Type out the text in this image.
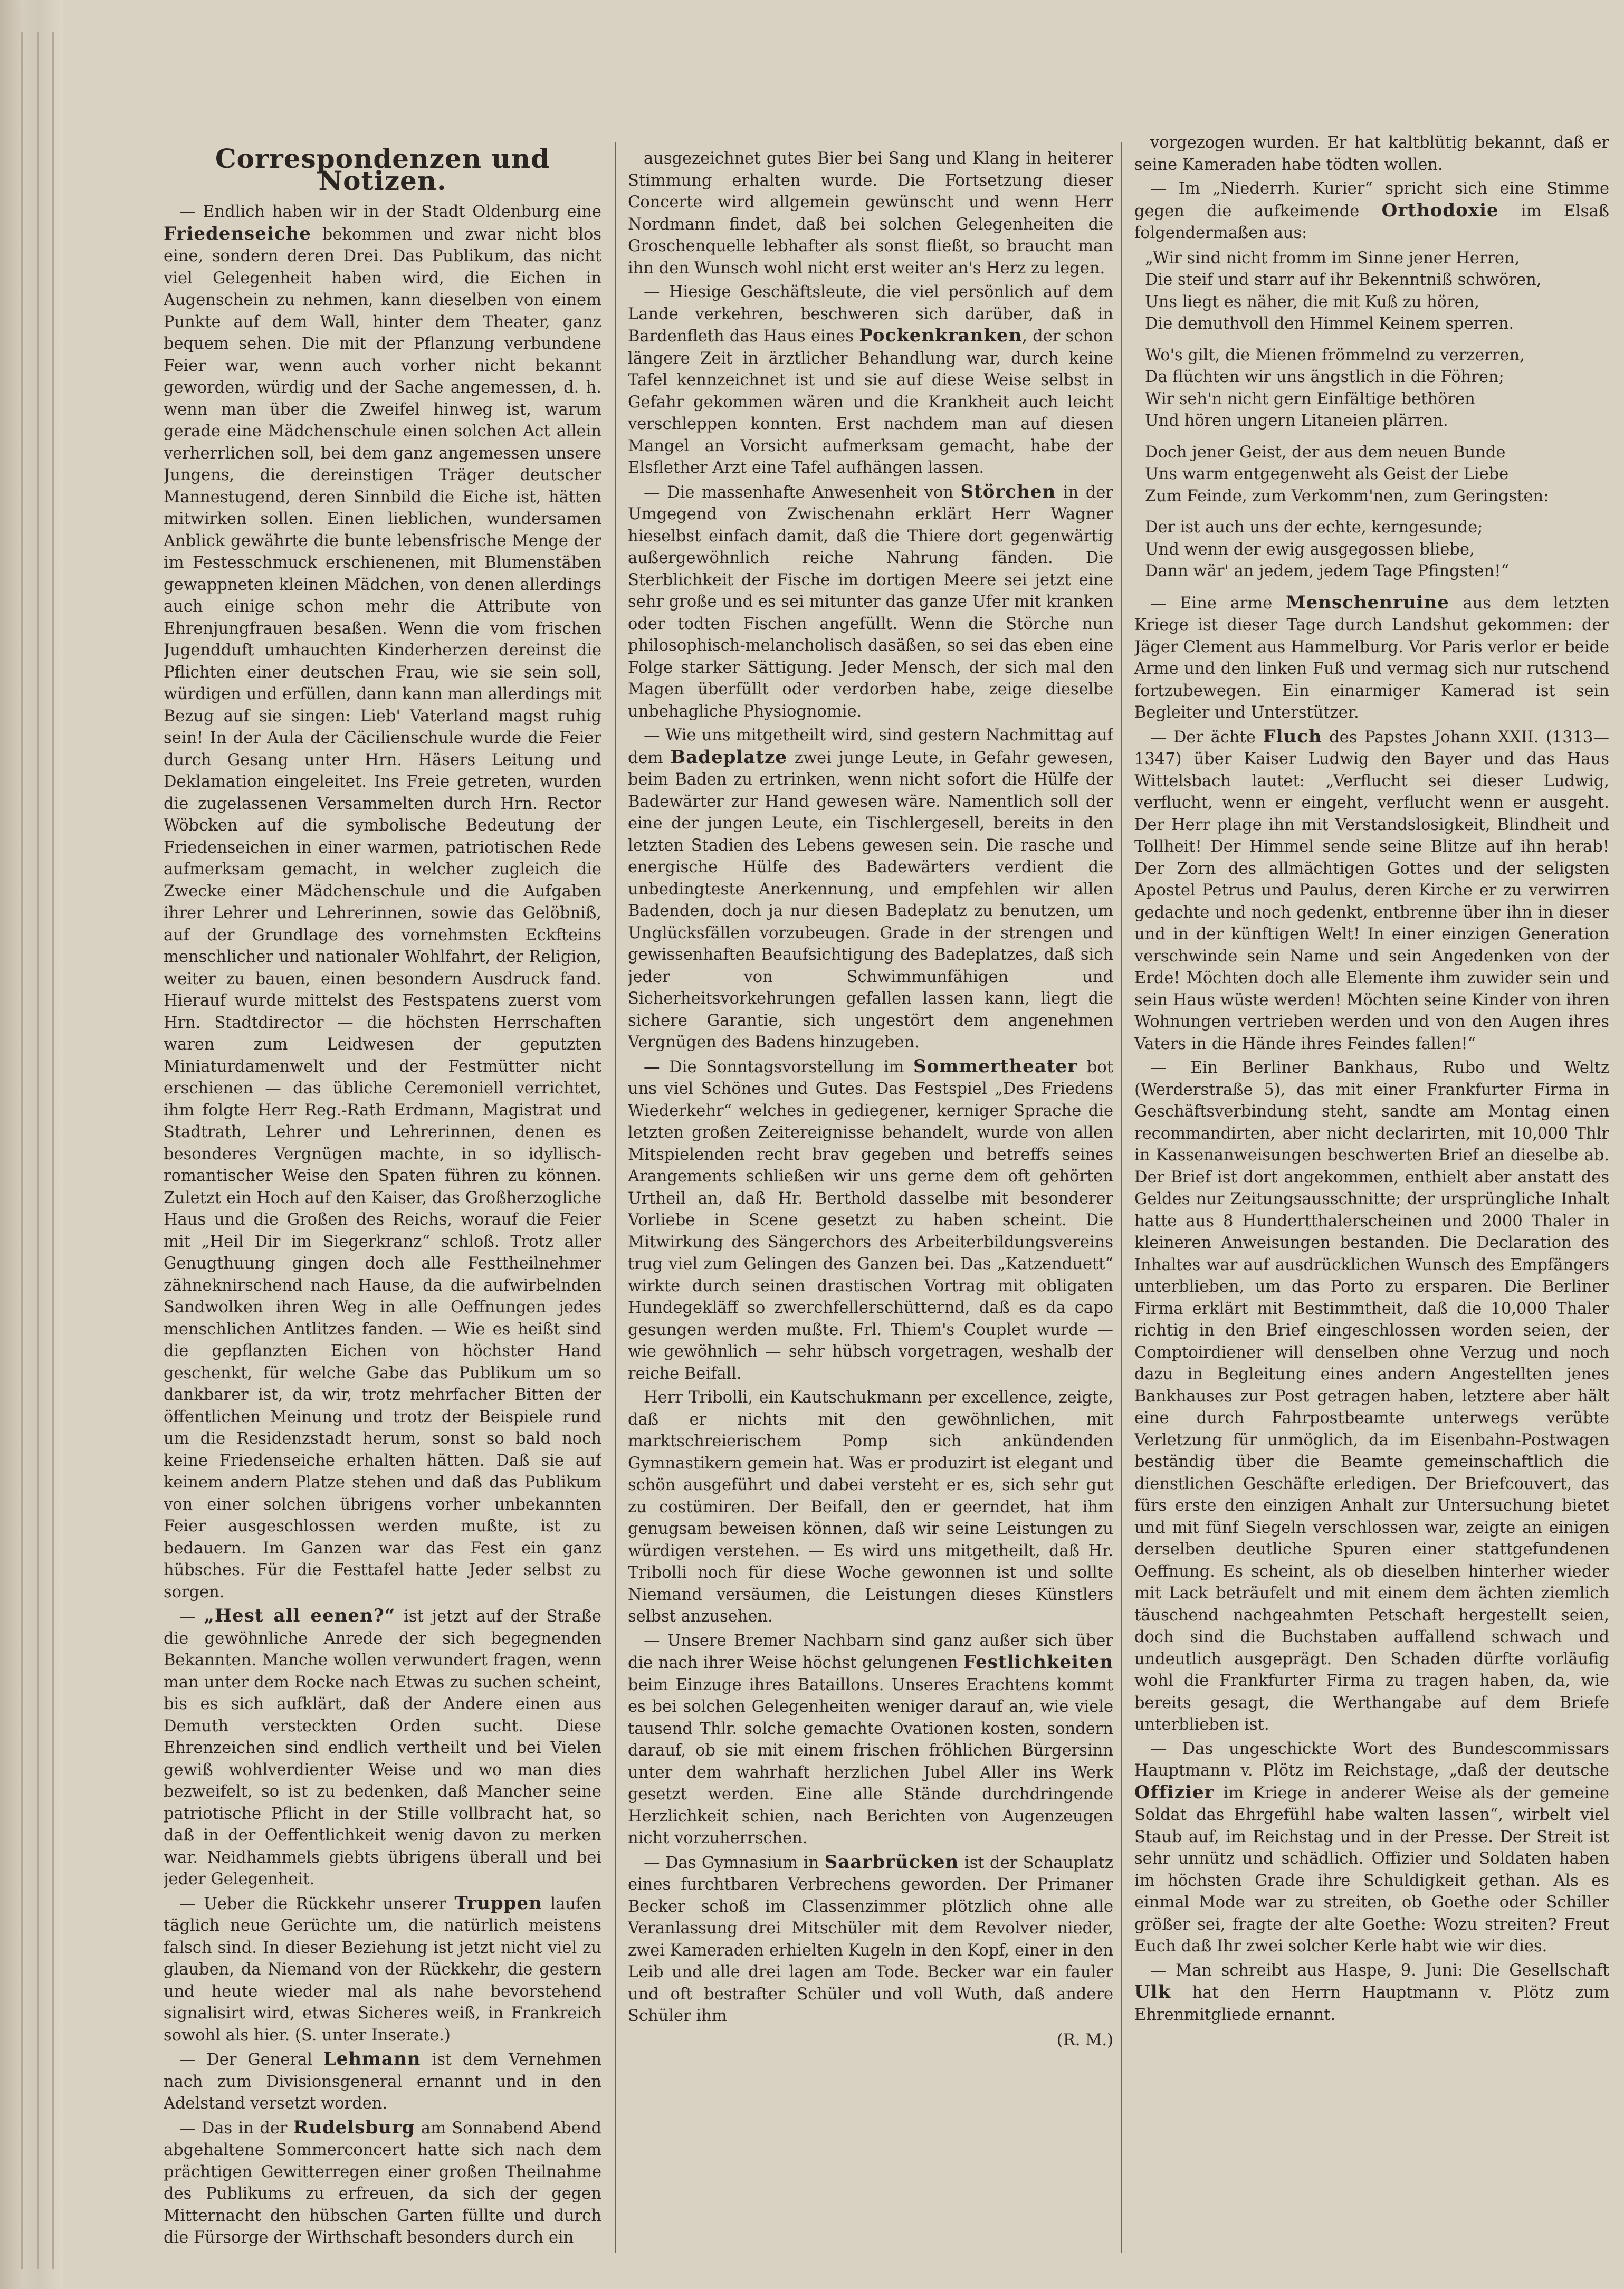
Correspondenzen und Notizen.

— Endlich haben wir in der Stadt Oldenburg eine Friedenseiche bekommen und zwar nicht blos eine, sondern deren Drei. Das Publikum, das nicht viel Gelegenheit haben wird, die Eichen in Augenschein zu nehmen, kann dieselben von einem Punkte auf dem Wall, hinter dem Theater, ganz bequem sehen. Die mit der Pflanzung verbundene Feier war, wenn auch vorher nicht bekannt geworden, würdig und der Sache angemessen, d. h. wenn man über die Zweifel hinweg ist, warum gerade eine Mädchenschule einen solchen Act allein verherrlichen soll, bei dem ganz angemessen unsere Jungens, die dereinstigen Träger deutscher Mannestugend, deren Sinnbild die Eiche ist, hätten mitwirken sollen. Einen lieblichen, wundersamen Anblick gewährte die bunte lebensfrische Menge der im Festesschmuck erschienenen, mit Blumenstäben gewappneten kleinen Mädchen, von denen allerdings auch einige schon mehr die Attribute von Ehrenjungfrauen besaßen. Wenn die vom frischen Jugendduft umhauchten Kinderherzen dereinst die Pflichten einer deutschen Frau, wie sie sein soll, würdigen und erfüllen, dann kann man allerdings mit Bezug auf sie singen: Lieb' Vaterland magst ruhig sein! In der Aula der Cäcilienschule wurde die Feier durch Gesang unter Hrn. Häsers Leitung und Deklamation eingeleitet. Ins Freie getreten, wurden die zugelassenen Versammelten durch Hrn. Rector Wöbcken auf die symbolische Bedeutung der Friedenseichen in einer warmen, patriotischen Rede aufmerksam gemacht, in welcher zugleich die Zwecke einer Mädchenschule und die Aufgaben ihrer Lehrer und Lehrerinnen, sowie das Gelöbniß, auf der Grundlage des vornehmsten Eckfteins menschlicher und nationaler Wohlfahrt, der Religion, weiter zu bauen, einen besondern Ausdruck fand. Hierauf wurde mittelst des Festspatens zuerst vom Hrn. Stadtdirector — die höchsten Herrschaften waren zum Leidwesen der geputzten Miniaturdamenwelt und der Festmütter nicht erschienen — das übliche Ceremoniell verrichtet, ihm folgte Herr Reg.-Rath Erdmann, Magistrat und Stadtrath, Lehrer und Lehrerinnen, denen es besonderes Vergnügen machte, in so idyllisch-romantischer Weise den Spaten führen zu können. Zuletzt ein Hoch auf den Kaiser, das Großherzogliche Haus und die Großen des Reichs, worauf die Feier mit „Heil Dir im Siegerkranz“ schloß. Trotz aller Genugthuung gingen doch alle Festtheilnehmer zähneknirschend nach Hause, da die aufwirbelnden Sandwolken ihren Weg in alle Oeffnungen jedes menschlichen Antlitzes fanden. — Wie es heißt sind die gepflanzten Eichen von höchster Hand geschenkt, für welche Gabe das Publikum um so dankbarer ist, da wir, trotz mehrfacher Bitten der öffentlichen Meinung und trotz der Beispiele rund um die Residenzstadt herum, sonst so bald noch keine Friedenseiche erhalten hätten. Daß sie auf keinem andern Platze stehen und daß das Publikum von einer solchen übrigens vorher unbekannten Feier ausgeschlossen werden mußte, ist zu bedauern. Im Ganzen war das Fest ein ganz hübsches. Für die Festtafel hatte Jeder selbst zu sorgen.

— „Hest all eenen?“ ist jetzt auf der Straße die gewöhnliche Anrede der sich begegnenden Bekannten. Manche wollen verwundert fragen, wenn man unter dem Rocke nach Etwas zu suchen scheint, bis es sich aufklärt, daß der Andere einen aus Demuth versteckten Orden sucht. Diese Ehrenzeichen sind endlich vertheilt und bei Vielen gewiß wohlverdienter Weise und wo man dies bezweifelt, so ist zu bedenken, daß Mancher seine patriotische Pflicht in der Stille vollbracht hat, so daß in der Oeffentlichkeit wenig davon zu merken war. Neidhammels giebts übrigens überall und bei jeder Gelegenheit.

— Ueber die Rückkehr unserer Truppen laufen täglich neue Gerüchte um, die natürlich meistens falsch sind. In dieser Beziehung ist jetzt nicht viel zu glauben, da Niemand von der Rückkehr, die gestern und heute wieder mal als nahe bevorstehend signalisirt wird, etwas Sicheres weiß, in Frankreich sowohl als hier. (S. unter Inserate.)

— Der General Lehmann ist dem Vernehmen nach zum Divisionsgeneral ernannt und in den Adelstand versetzt worden.

— Das in der Rudelsburg am Sonnabend Abend abgehaltene Sommerconcert hatte sich nach dem prächtigen Gewitterregen einer großen Theilnahme des Publikums zu erfreuen, da sich der gegen Mitternacht den hübschen Garten füllte und durch die Fürsorge der Wirthschaft besonders durch ein

ausgezeichnet gutes Bier bei Sang und Klang in heiterer Stimmung erhalten wurde. Die Fortsetzung dieser Concerte wird allgemein gewünscht und wenn Herr Nordmann findet, daß bei solchen Gelegenheiten die Groschenquelle lebhafter als sonst fließt, so braucht man ihn den Wunsch wohl nicht erst weiter an's Herz zu legen.

— Hiesige Geschäftsleute, die viel persönlich auf dem Lande verkehren, beschweren sich darüber, daß in Bardenfleth das Haus eines Pockenkranken, der schon längere Zeit in ärztlicher Behandlung war, durch keine Tafel kennzeichnet ist und sie auf diese Weise selbst in Gefahr gekommen wären und die Krankheit auch leicht verschleppen konnten. Erst nachdem man auf diesen Mangel an Vorsicht aufmerksam gemacht, habe der Elsflether Arzt eine Tafel aufhängen lassen.

— Die massenhafte Anwesenheit von Störchen in der Umgegend von Zwischenahn erklärt Herr Wagner hieselbst einfach damit, daß die Thiere dort gegenwärtig außergewöhnlich reiche Nahrung fänden. Die Sterblichkeit der Fische im dortigen Meere sei jetzt eine sehr große und es sei mitunter das ganze Ufer mit kranken oder todten Fischen angefüllt. Wenn die Störche nun philosophisch-melancholisch dasäßen, so sei das eben eine Folge starker Sättigung. Jeder Mensch, der sich mal den Magen überfüllt oder verdorben habe, zeige dieselbe unbehagliche Physiognomie.

— Wie uns mitgetheilt wird, sind gestern Nachmittag auf dem Badeplatze zwei junge Leute, in Gefahr gewesen, beim Baden zu ertrinken, wenn nicht sofort die Hülfe der Badewärter zur Hand gewesen wäre. Namentlich soll der eine der jungen Leute, ein Tischlergesell, bereits in den letzten Stadien des Lebens gewesen sein. Die rasche und energische Hülfe des Badewärters verdient die unbedingteste Anerkennung, und empfehlen wir allen Badenden, doch ja nur diesen Badeplatz zu benutzen, um Unglücksfällen vorzubeugen. Grade in der strengen und gewissenhaften Beaufsichtigung des Badeplatzes, daß sich jeder von Schwimmunfähigen und Sicherheitsvorkehrungen gefallen lassen kann, liegt die sichere Garantie, sich ungestört dem angenehmen Vergnügen des Badens hinzugeben.

— Die Sonntagsvorstellung im Sommertheater bot uns viel Schönes und Gutes. Das Festspiel „Des Friedens Wiederkehr“ welches in gediegener, kerniger Sprache die letzten großen Zeitereignisse behandelt, wurde von allen Mitspielenden recht brav gegeben und betreffs seines Arangements schließen wir uns gerne dem oft gehörten Urtheil an, daß Hr. Berthold dasselbe mit besonderer Vorliebe in Scene gesetzt zu haben scheint. Die Mitwirkung des Sängerchors des Arbeiterbildungsvereins trug viel zum Gelingen des Ganzen bei. Das „Katzenduett“ wirkte durch seinen drastischen Vortrag mit obligaten Hundegekläff so zwerchfellerschütternd, daß es da capo gesungen werden mußte. Frl. Thiem's Couplet wurde — wie gewöhnlich — sehr hübsch vorgetragen, weshalb der reiche Beifall.

Herr Tribolli, ein Kautschukmann per excellence, zeigte, daß er nichts mit den gewöhnlichen, mit marktschreierischem Pomp sich ankündenden Gymnastikern gemein hat. Was er produzirt ist elegant und schön ausgeführt und dabei versteht er es, sich sehr gut zu costümiren. Der Beifall, den er geerndet, hat ihm genugsam beweisen können, daß wir seine Leistungen zu würdigen verstehen. — Es wird uns mitgetheilt, daß Hr. Tribolli noch für diese Woche gewonnen ist und sollte Niemand versäumen, die Leistungen dieses Künstlers selbst anzusehen.

— Unsere Bremer Nachbarn sind ganz außer sich über die nach ihrer Weise höchst gelungenen Festlichkeiten beim Einzuge ihres Bataillons. Unseres Erachtens kommt es bei solchen Gelegenheiten weniger darauf an, wie viele tausend Thlr. solche gemachte Ovationen kosten, sondern darauf, ob sie mit einem frischen fröhlichen Bürgersinn unter dem wahrhaft herzlichen Jubel Aller ins Werk gesetzt werden. Eine alle Stände durchdringende Herzlichkeit schien, nach Berichten von Augenzeugen nicht vorzuherrschen.

— Das Gymnasium in Saarbrücken ist der Schauplatz eines furchtbaren Verbrechens geworden. Der Primaner Becker schoß im Classenzimmer plötzlich ohne alle Veranlassung drei Mitschüler mit dem Revolver nieder, zwei Kameraden erhielten Kugeln in den Kopf, einer in den Leib und alle drei lagen am Tode. Becker war ein fauler und oft bestrafter Schüler und voll Wuth, daß andere Schüler ihm

(R. M.)

vorgezogen wurden. Er hat kaltblütig bekannt, daß er seine Kameraden habe tödten wollen.

— Im „Niederrh. Kurier“ spricht sich eine Stimme gegen die aufkeimende Orthodoxie im Elsaß folgendermaßen aus:

„Wir sind nicht fromm im Sinne jener Herren,
Die steif und starr auf ihr Bekenntniß schwören,
Uns liegt es näher, die mit Kuß zu hören,
Die demuthvoll den Himmel Keinem sperren.
Wo's gilt, die Mienen frömmelnd zu verzerren,
Da flüchten wir uns ängstlich in die Föhren;
Wir seh'n nicht gern Einfältige bethören
Und hören ungern Litaneien plärren.
Doch jener Geist, der aus dem neuen Bunde
Uns warm entgegenweht als Geist der Liebe
Zum Feinde, zum Verkomm'nen, zum Geringsten:
Der ist auch uns der echte, kerngesunde;
Und wenn der ewig ausgegossen bliebe,
Dann wär' an jedem, jedem Tage Pfingsten!“

— Eine arme Menschenruine aus dem letzten Kriege ist dieser Tage durch Landshut gekommen: der Jäger Clement aus Hammelburg. Vor Paris verlor er beide Arme und den linken Fuß und vermag sich nur rutschend fortzubewegen. Ein einarmiger Kamerad ist sein Begleiter und Unterstützer.

— Der ächte Fluch des Papstes Johann XXII. (1313—1347) über Kaiser Ludwig den Bayer und das Haus Wittelsbach lautet: „Verflucht sei dieser Ludwig, verflucht, wenn er eingeht, verflucht wenn er ausgeht. Der Herr plage ihn mit Verstandslosigkeit, Blindheit und Tollheit! Der Himmel sende seine Blitze auf ihn herab! Der Zorn des allmächtigen Gottes und der seligsten Apostel Petrus und Paulus, deren Kirche er zu verwirren gedachte und noch gedenkt, entbrenne über ihn in dieser und in der künftigen Welt! In einer einzigen Generation verschwinde sein Name und sein Angedenken von der Erde! Möchten doch alle Elemente ihm zuwider sein und sein Haus wüste werden! Möchten seine Kinder von ihren Wohnungen vertrieben werden und von den Augen ihres Vaters in die Hände ihres Feindes fallen!“

— Ein Berliner Bankhaus, Rubo und Weltz (Werderstraße 5), das mit einer Frankfurter Firma in Geschäftsverbindung steht, sandte am Montag einen recommandirten, aber nicht declarirten, mit 10,000 Thlr in Kassenanweisungen beschwerten Brief an dieselbe ab. Der Brief ist dort angekommen, enthielt aber anstatt des Geldes nur Zeitungsausschnitte; der ursprüngliche Inhalt hatte aus 8 Hundertthalerscheinen und 2000 Thaler in kleineren Anweisungen bestanden. Die Declaration des Inhaltes war auf ausdrücklichen Wunsch des Empfängers unterblieben, um das Porto zu ersparen. Die Berliner Firma erklärt mit Bestimmtheit, daß die 10,000 Thaler richtig in den Brief eingeschlossen worden seien, der Comptoirdiener will denselben ohne Verzug und noch dazu in Begleitung eines andern Angestellten jenes Bankhauses zur Post getragen haben, letztere aber hält eine durch Fahrpostbeamte unterwegs verübte Verletzung für unmöglich, da im Eisenbahn-Postwagen beständig über die Beamte gemeinschaftlich die dienstlichen Geschäfte erledigen. Der Briefcouvert, das fürs erste den einzigen Anhalt zur Untersuchung bietet und mit fünf Siegeln verschlossen war, zeigte an einigen derselben deutliche Spuren einer stattgefundenen Oeffnung. Es scheint, als ob dieselben hinterher wieder mit Lack beträufelt und mit einem dem ächten ziemlich täuschend nachgeahmten Petschaft hergestellt seien, doch sind die Buchstaben auffallend schwach und undeutlich ausgeprägt. Den Schaden dürfte vorläufig wohl die Frankfurter Firma zu tragen haben, da, wie bereits gesagt, die Werthangabe auf dem Briefe unterblieben ist.

— Das ungeschickte Wort des Bundescommissars Hauptmann v. Plötz im Reichstage, „daß der deutsche Offizier im Kriege in anderer Weise als der gemeine Soldat das Ehrgefühl habe walten lassen“, wirbelt viel Staub auf, im Reichstag und in der Presse. Der Streit ist sehr unnütz und schädlich. Offizier und Soldaten haben im höchsten Grade ihre Schuldigkeit gethan. Als es einmal Mode war zu streiten, ob Goethe oder Schiller größer sei, fragte der alte Goethe: Wozu streiten? Freut Euch daß Ihr zwei solcher Kerle habt wie wir dies.

— Man schreibt aus Haspe, 9. Juni: Die Gesellschaft Ulk hat den Herrn Hauptmann v. Plötz zum Ehrenmitgliede ernannt.
